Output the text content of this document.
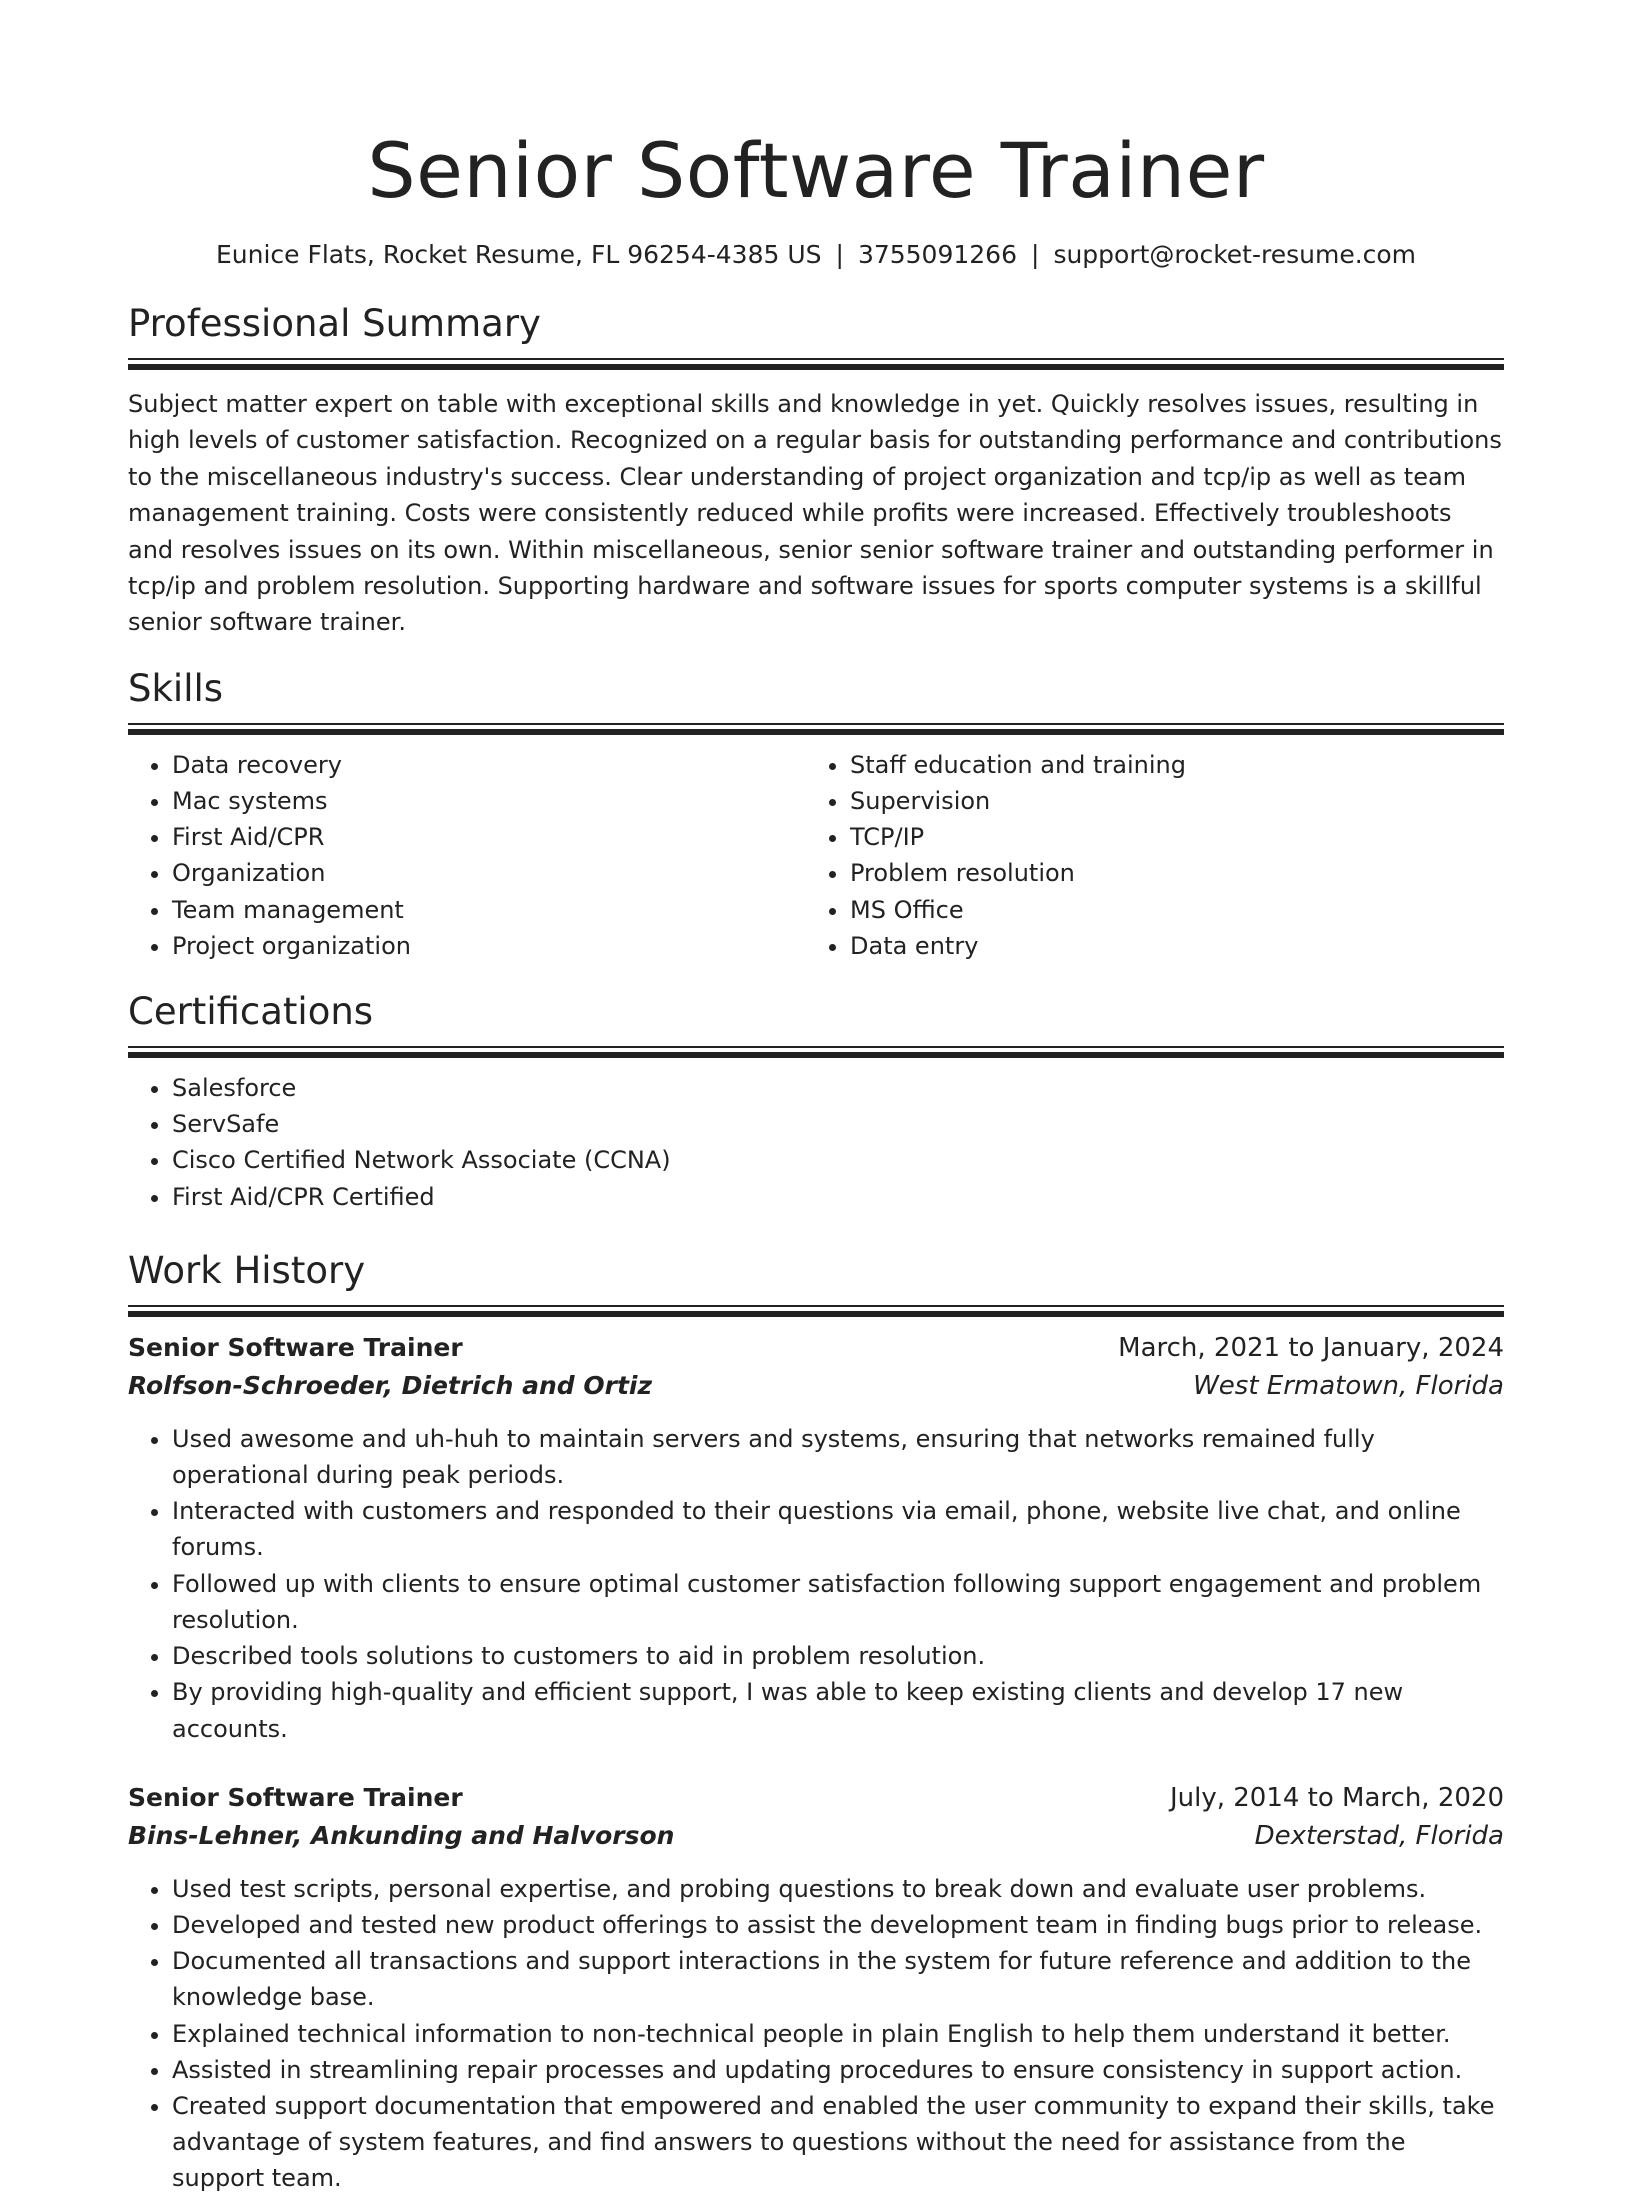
Senior Software Trainer
Eunice Flats, Rocket Resume, FL 96254-4385 US | 3755091266 | support@rocket-resume.com
Professional Summary
Subject matter expert on table with exceptional skills and knowledge in yet. Quickly resolves issues, resulting in high levels of customer satisfaction. Recognized on a regular basis for outstanding performance and contributions to the miscellaneous industry's success. Clear understanding of project organization and tcp/ip as well as team management training. Costs were consistently reduced while profits were increased. Effectively troubleshoots and resolves issues on its own. Within miscellaneous, senior senior software trainer and outstanding performer in tcp/ip and problem resolution. Supporting hardware and software issues for sports computer systems is a skillful senior software trainer.
Skills
• Data recovery
• Mac systems
• First Aid/CPR
• Organization
• Team management
• Project organization
• Staff education and training
• Supervision
• TCP/IP
• Problem resolution
• MS Office
• Data entry
Certifications
• Salesforce
• ServSafe
• Cisco Certified Network Associate (CCNA)
• First Aid/CPR Certified
Work History
Senior Software Trainer	March, 2021 to January, 2024
Rolfson-Schroeder, Dietrich and Ortiz	West Ermatown, Florida
• Used awesome and uh-huh to maintain servers and systems, ensuring that networks remained fully operational during peak periods.
• Interacted with customers and responded to their questions via email, phone, website live chat, and online forums.
• Followed up with clients to ensure optimal customer satisfaction following support engagement and problem resolution.
• Described tools solutions to customers to aid in problem resolution.
• By providing high-quality and efficient support, I was able to keep existing clients and develop 17 new accounts.
Senior Software Trainer	July, 2014 to March, 2020
Bins-Lehner, Ankunding and Halvorson	Dexterstad, Florida
• Used test scripts, personal expertise, and probing questions to break down and evaluate user problems.
• Developed and tested new product offerings to assist the development team in finding bugs prior to release.
• Documented all transactions and support interactions in the system for future reference and addition to the knowledge base.
• Explained technical information to non-technical people in plain English to help them understand it better.
• Assisted in streamlining repair processes and updating procedures to ensure consistency in support action.
• Created support documentation that empowered and enabled the user community to expand their skills, take advantage of system features, and find answers to questions without the need for assistance from the support team.
